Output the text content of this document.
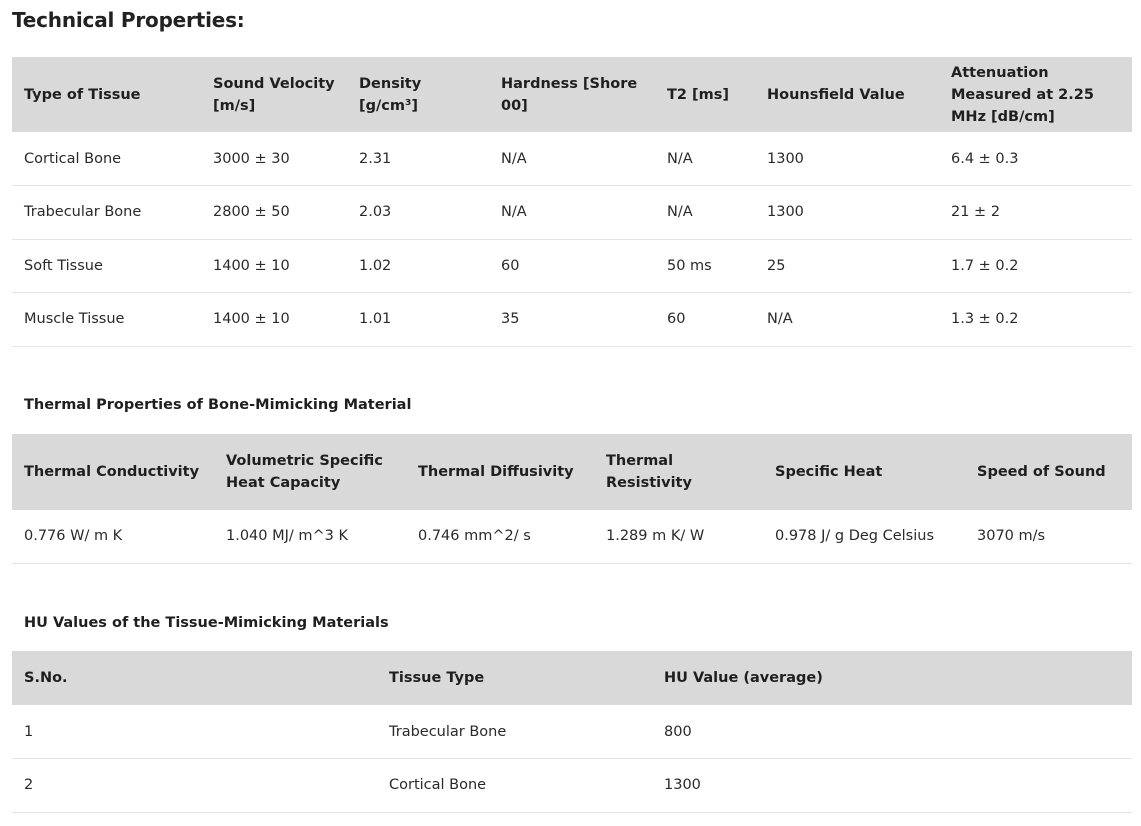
Technical Properties:
Type of Tissue	Sound Velocity [m/s]	Density [g/cm³]	Hardness [Shore 00]	T2 [ms]	Hounsfield Value	Attenuation Measured at 2.25 MHz [dB/cm]
Cortical Bone	3000 ± 30	2.31	N/A	N/A	1300	6.4 ± 0.3
Trabecular Bone	2800 ± 50	2.03	N/A	N/A	1300	21 ± 2
Soft Tissue	1400 ± 10	1.02	60	50 ms	25	1.7 ± 0.2
Muscle Tissue	1400 ± 10	1.01	35	60	N/A	1.3 ± 0.2
Thermal Properties of Bone-Mimicking Material
Thermal Conductivity	Volumetric Specific Heat Capacity	Thermal Diffusivity	Thermal Resistivity	Specific Heat	Speed of Sound
0.776 W/ m K	1.040 MJ/ m^3 K	0.746 mm^2/ s	1.289 m K/ W	0.978 J/ g Deg Celsius	3070 m/s
HU Values of the Tissue-Mimicking Materials
S.No.	Tissue Type	HU Value (average)
1	Trabecular Bone	800
2	Cortical Bone	1300
